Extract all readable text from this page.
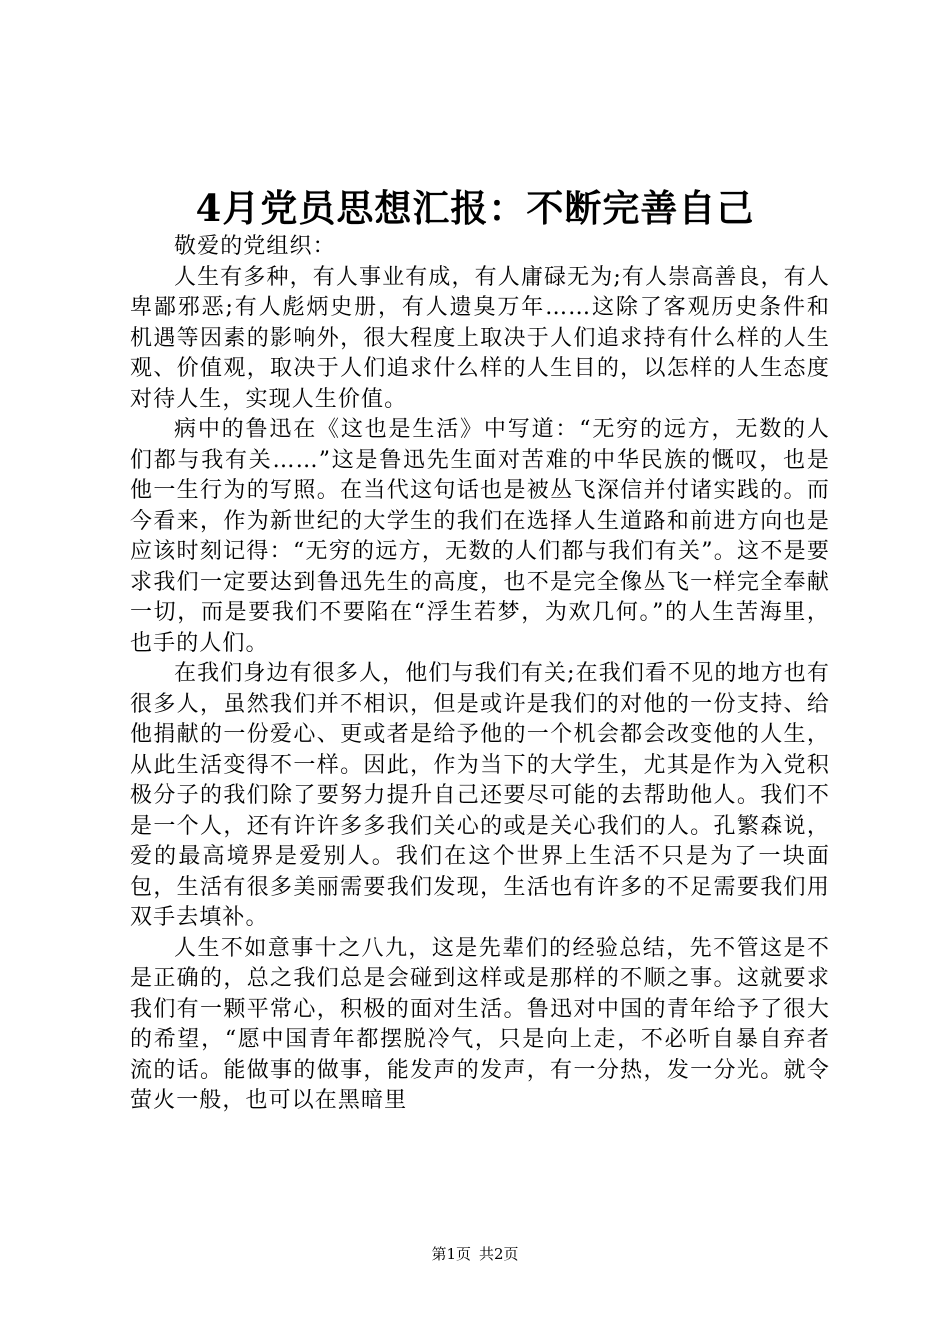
4月党员思想汇报：不断完善自己

敬爱的党组织：

人生有多种，有人事业有成，有人庸碌无为;有人崇高善良，有人卑鄙邪恶;有人彪炳史册，有人遗臭万年……这除了客观历史条件和机遇等因素的影响外，很大程度上取决于人们追求持有什么样的人生观、价值观，取决于人们追求什么样的人生目的，以怎样的人生态度对待人生，实现人生价值。

病中的鲁迅在《这也是生活》中写道：“无穷的远方，无数的人们都与我有关……”这是鲁迅先生面对苦难的中华民族的慨叹，也是他一生行为的写照。在当代这句话也是被丛飞深信并付诸实践的。而今看来，作为新世纪的大学生的我们在选择人生道路和前进方向也是应该时刻记得：“无穷的远方，无数的人们都与我们有关”。这不是要求我们一定要达到鲁迅先生的高度，也不是完全像丛飞一样完全奉献一切，而是要我们不要陷在“浮生若梦，为欢几何。”的人生苦海里，也手的人们。

在我们身边有很多人，他们与我们有关;在我们看不见的地方也有很多人，虽然我们并不相识，但是或许是我们的对他的一份支持、给他捐献的一份爱心、更或者是给予他的一个机会都会改变他的人生，从此生活变得不一样。因此，作为当下的大学生，尤其是作为入党积极分子的我们除了要努力提升自己还要尽可能的去帮助他人。我们不是一个人，还有许许多多我们关心的或是关心我们的人。孔繁森说，爱的最高境界是爱别人。我们在这个世界上生活不只是为了一块面包，生活有很多美丽需要我们发现，生活也有许多的不足需要我们用双手去填补。

人生不如意事十之八九，这是先辈们的经验总结，先不管这是不是正确的，总之我们总是会碰到这样或是那样的不顺之事。这就要求我们有一颗平常心，积极的面对生活。鲁迅对中国的青年给予了很大的希望，“愿中国青年都摆脱冷气，只是向上走，不必听自暴自弃者流的话。能做事的做事，能发声的发声，有一分热，发一分光。就令萤火一般，也可以在黑暗里

第1页 共2页
